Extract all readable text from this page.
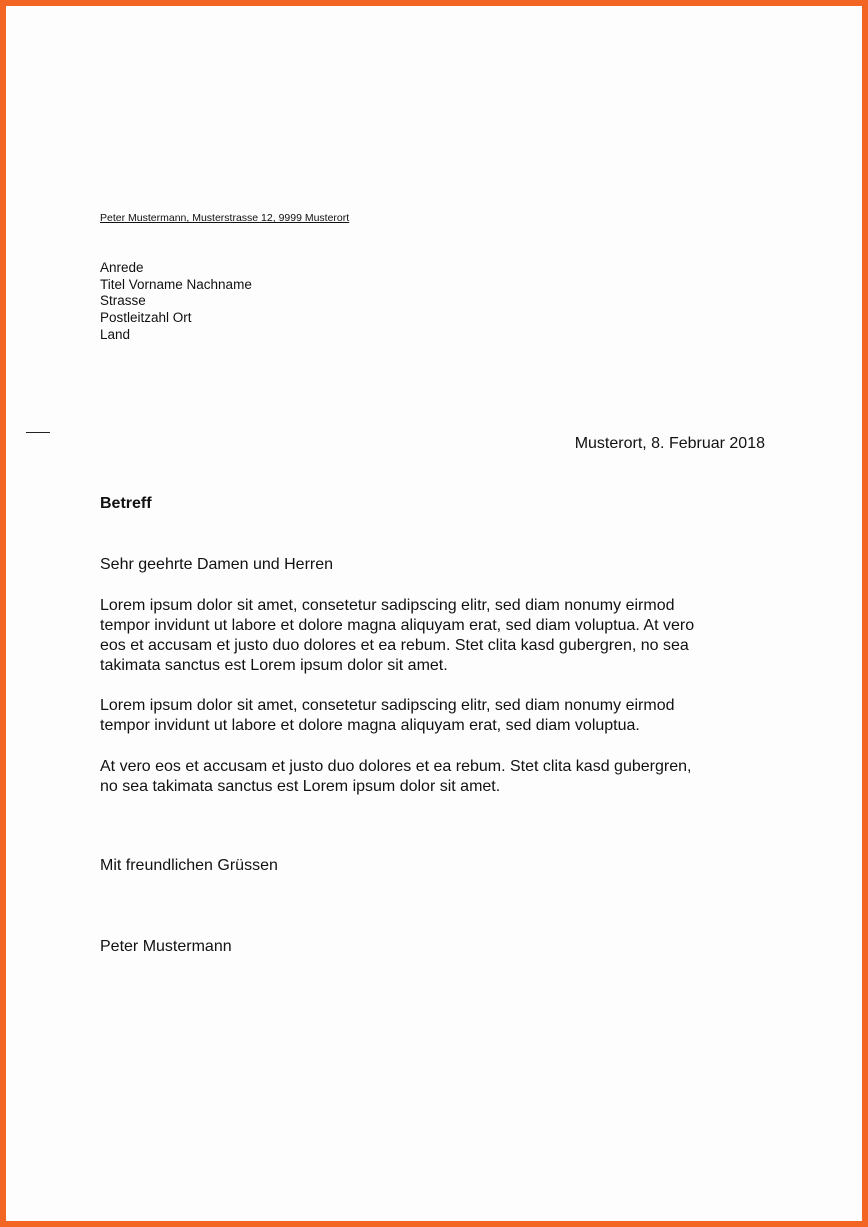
Peter Mustermann, Musterstrasse 12, 9999 Musterort

Anrede
Titel Vorname Nachname
Strasse
Postleitzahl Ort
Land

Musterort, 8. Februar 2018

Betreff

Sehr geehrte Damen und Herren

Lorem ipsum dolor sit amet, consetetur sadipscing elitr, sed diam nonumy eirmod
tempor invidunt ut labore et dolore magna aliquyam erat, sed diam voluptua. At vero
eos et accusam et justo duo dolores et ea rebum. Stet clita kasd gubergren, no sea
takimata sanctus est Lorem ipsum dolor sit amet.
Lorem ipsum dolor sit amet, consetetur sadipscing elitr, sed diam nonumy eirmod
tempor invidunt ut labore et dolore magna aliquyam erat, sed diam voluptua.
At vero eos et accusam et justo duo dolores et ea rebum. Stet clita kasd gubergren,
no sea takimata sanctus est Lorem ipsum dolor sit amet.

Mit freundlichen Grüssen

Peter Mustermann
